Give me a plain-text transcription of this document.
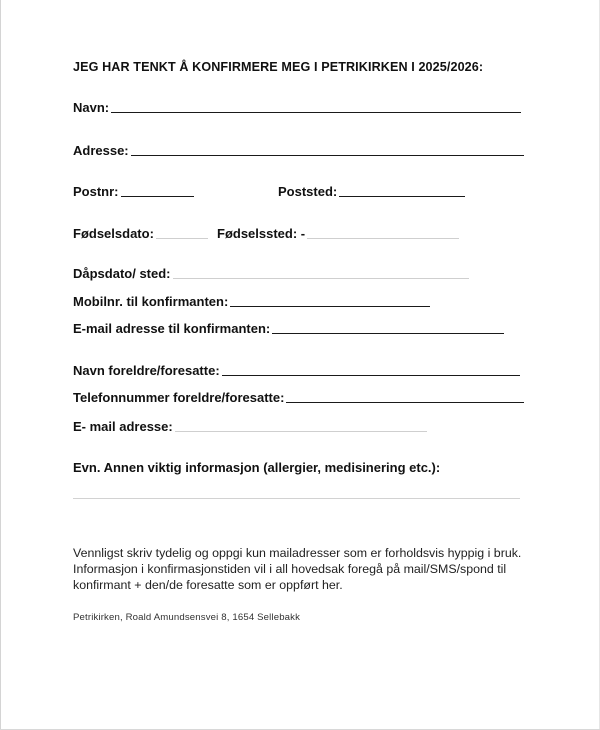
JEG HAR TENKT Å KONFIRMERE MEG I PETRIKIRKEN I 2025/2026:
Navn:
Adresse:
Postnr:	Poststed:
Fødselsdato:	Fødselssted: -
Dåpsdato/ sted:
Mobilnr. til konfirmanten:
E-mail adresse til konfirmanten:
Navn foreldre/foresatte:
Telefonnummer foreldre/foresatte:
E- mail adresse:
Evn. Annen viktig informasjon (allergier, medisinering etc.):
Vennligst skriv tydelig og oppgi kun mailadresser som er forholdsvis hyppig i bruk.
Informasjon i konfirmasjonstiden vil i all hovedsak foregå på mail/SMS/spond til
konfirmant + den/de foresatte som er oppført her.
Petrikirken, Roald Amundsensvei 8, 1654 Sellebakk
